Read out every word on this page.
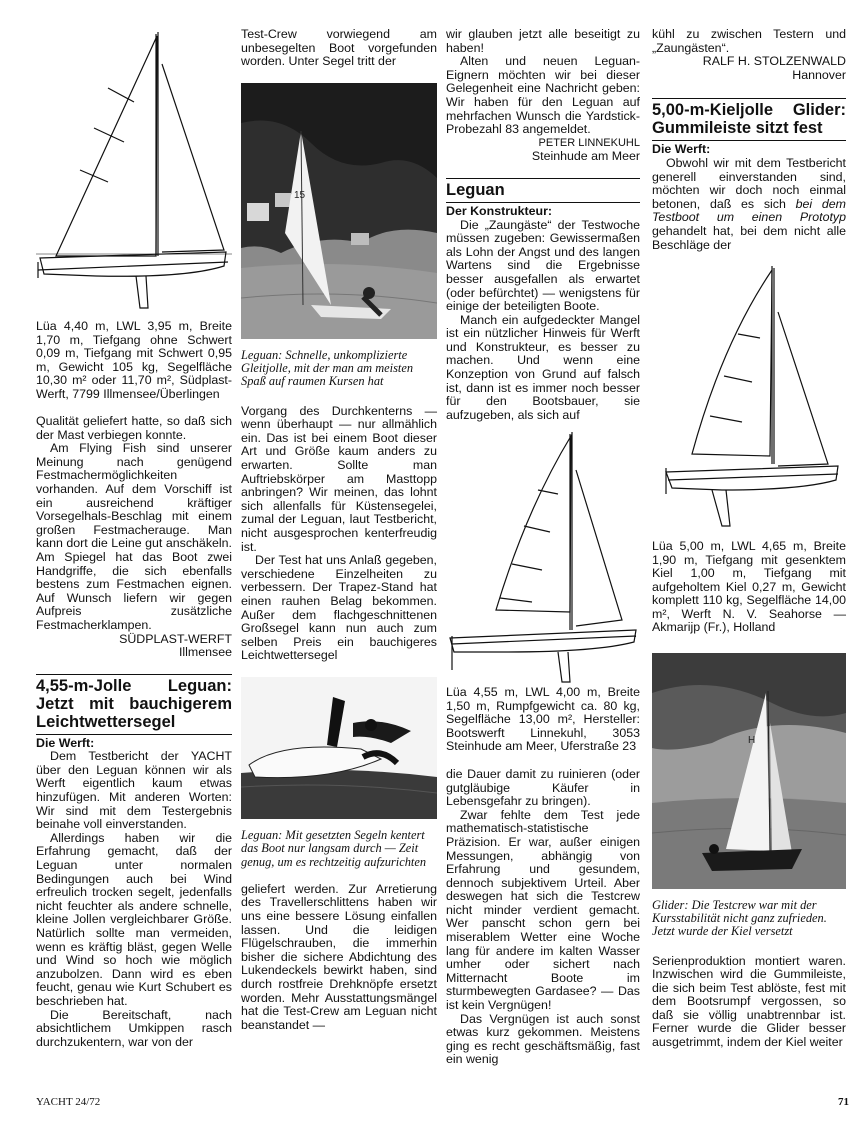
Lüa 4,40 m, LWL 3,95 m, Breite 1,70 m, Tiefgang ohne Schwert 0,09 m, Tiefgang mit Schwert 0,95 m, Gewicht 105 kg, Segelfläche 10,30 m² oder 11,70 m², Südplast-Werft, 7799 Illmensee/Überlingen

Qualität geliefert hatte, so daß sich der Mast verbiegen konnte.

Am Flying Fish sind unserer Meinung nach genügend Festmachermöglichkeiten vorhanden. Auf dem Vorschiff ist ein ausreichend kräftiger Vorsegelhals-Beschlag mit einem großen Festmacherauge. Man kann dort die Leine gut anschäkeln. Am Spiegel hat das Boot zwei Handgriffe, die sich ebenfalls bestens zum Festmachen eignen. Auf Wunsch liefern wir gegen Aufpreis zusätzliche Festmacherklampen.

SÜDPLAST-WERFT

Illmensee

4,55-m-Jolle Leguan: Jetzt mit bauchigerem Leichtwettersegel

Die Werft:

Dem Testbericht der YACHT über den Leguan können wir als Werft eigentlich kaum etwas hinzufügen. Mit anderen Worten: Wir sind mit dem Testergebnis beinahe voll einverstanden.

Allerdings haben wir die Erfahrung gemacht, daß der Leguan unter normalen Bedingungen auch bei Wind erfreulich trocken segelt, jedenfalls nicht feuchter als andere schnelle, kleine Jollen vergleichbarer Größe. Natürlich sollte man vermeiden, wenn es kräftig bläst, gegen Welle und Wind so hoch wie möglich anzubolzen. Dann wird es eben feucht, genau wie Kurt Schubert es beschrieben hat.

Die Bereitschaft, nach absichtlichem Umkippen rasch durchzukentern, war von der

Test-Crew vorwiegend am unbesegelten Boot vorgefunden worden. Unter Segel tritt der

15

Leguan: Schnelle, unkomplizierte Gleitjolle, mit der man am meisten Spaß auf raumen Kursen hat

Vorgang des Durchkenterns — wenn überhaupt — nur allmählich ein. Das ist bei einem Boot dieser Art und Größe kaum anders zu erwarten. Sollte man Auftriebskörper am Masttopp anbringen? Wir meinen, das lohnt sich allenfalls für Küstensegelei, zumal der Leguan, laut Testbericht, nicht ausgesprochen kenterfreudig ist.

Der Test hat uns Anlaß gegeben, verschiedene Einzelheiten zu verbessern. Der Trapez-Stand hat einen rauhen Belag bekommen. Außer dem flachgeschnittenen Großsegel kann nun auch zum selben Preis ein bauchigeres Leichtwettersegel

Leguan: Mit gesetzten Segeln kentert das Boot nur langsam durch — Zeit genug, um es rechtzeitig aufzurichten

geliefert werden. Zur Arretierung des Travellerschlittens haben wir uns eine bessere Lösung einfallen lassen. Und die leidigen Flügelschrauben, die immerhin bisher die sichere Abdichtung des Lukendeckels bewirkt haben, sind durch rostfreie Drehknöpfe ersetzt worden. Mehr Ausstattungsmängel hat die Test-Crew am Leguan nicht beanstandet —

wir glauben jetzt alle beseitigt zu haben!

Alten und neuen Leguan-Eignern möchten wir bei dieser Gelegenheit eine Nachricht geben: Wir haben für den Leguan auf mehrfachen Wunsch die Yardstick-Probezahl 83 angemeldet.

PETER LINNEKUHL

Steinhude am Meer

Leguan

Der Konstrukteur:

Die „Zaungäste“ der Testwoche müssen zugeben: Gewissermaßen als Lohn der Angst und des langen Wartens sind die Ergebnisse besser ausgefallen als erwartet (oder befürchtet) — wenigstens für einige der beteiligten Boote.

Manch ein aufgedeckter Mangel ist ein nützlicher Hinweis für Werft und Konstrukteur, es besser zu machen. Und wenn eine Konzeption von Grund auf falsch ist, dann ist es immer noch besser für den Bootsbauer, sie aufzugeben, als sich auf

Lüa 4,55 m, LWL 4,00 m, Breite 1,50 m, Rumpfgewicht ca. 80 kg, Segelfläche 13,00 m², Hersteller: Bootswerft Linnekuhl, 3053 Steinhude am Meer, Uferstraße 23

die Dauer damit zu ruinieren (oder gutgläubige Käufer in Lebensgefahr zu bringen).

Zwar fehlte dem Test jede mathematisch-statistische Präzision. Er war, außer einigen Messungen, abhängig von Erfahrung und gesundem, dennoch subjektivem Urteil. Aber deswegen hat sich die Testcrew nicht minder verdient gemacht. Wer panscht schon gern bei miserablem Wetter eine Woche lang für andere im kalten Wasser umher oder sichert nach Mitternacht Boote im sturmbewegten Gardasee? — Das ist kein Vergnügen!

Das Vergnügen ist auch sonst etwas kurz gekommen. Meistens ging es recht geschäftsmäßig, fast ein wenig

kühl zu zwischen Testern und „Zaungästen“.

RALF H. STOLZENWALD

Hannover

5,00-m-Kieljolle Glider: Gummileiste sitzt fest

Die Werft:

Obwohl wir mit dem Testbericht generell einverstanden sind, möchten wir doch noch einmal betonen, daß es sich bei dem Testboot um einen Prototyp gehandelt hat, bei dem nicht alle Beschläge der

Lüa 5,00 m, LWL 4,65 m, Breite 1,90 m, Tiefgang mit gesenktem Kiel 1,00 m, Tiefgang mit aufgeholtem Kiel 0,27 m, Gewicht komplett 110 kg, Segelfläche 14,00 m², Werft N. V. Seahorse — Akmarijp (Fr.), Holland

H

Glider: Die Testcrew war mit der Kursstabilität nicht ganz zufrieden. Jetzt wurde der Kiel versetzt

Serienproduktion montiert waren. Inzwischen wird die Gummileiste, die sich beim Test ablöste, fest mit dem Bootsrumpf vergossen, so daß sie völlig unabtrennbar ist. Ferner wurde die Glider besser ausgetrimmt, indem der Kiel weiter

YACHT 24/72	71
